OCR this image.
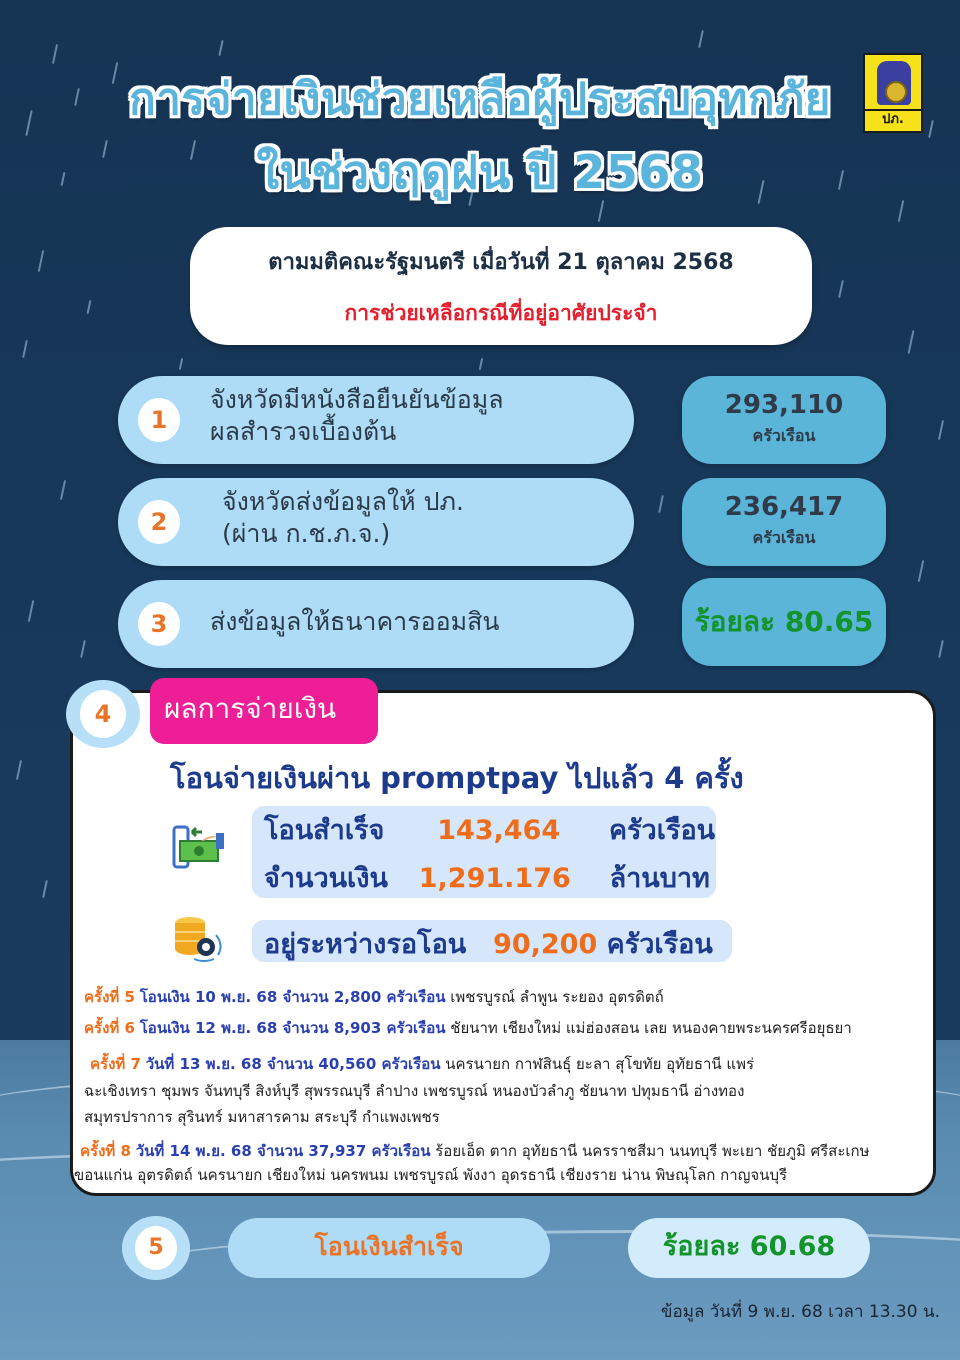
การจ่ายเงินช่วยเหลือผู้ประสบอุทกภัย
ในช่วงฤดูฝน ปี 2568
ปภ.
ตามมติคณะรัฐมนตรี เมื่อวันที่ 21 ตุลาคม 2568
การช่วยเหลือกรณีที่อยู่อาศัยประจำ
1
จังหวัดมีหนังสือยืนยันข้อมูล
ผลสำรวจเบื้องต้น
293,110
ครัวเรือน
2
จังหวัดส่งข้อมูลให้ ปภ.
(ผ่าน ก.ช.ภ.จ.)
236,417
ครัวเรือน
3	ส่งข้อมูลให้ธนาคารออมสิน	ร้อยละ 80.65
4	ผลการจ่ายเงิน
โอนจ่ายเงินผ่าน promptpay ไปแล้ว 4 ครั้ง
โอนสำเร็จ 143,464 ครัวเรือน
จำนวนเงิน 1,291.176 ล้านบาท
อยู่ระหว่างรอโอน 90,200 ครัวเรือน
ครั้งที่ 5 โอนเงิน 10 พ.ย. 68 จำนวน 2,800 ครัวเรือน เพชรบูรณ์ ลำพูน ระยอง อุตรดิตถ์
ครั้งที่ 6 โอนเงิน 12 พ.ย. 68 จำนวน 8,903 ครัวเรือน ชัยนาท เชียงใหม่ แม่ฮ่องสอน เลย หนองคายพระนครศรีอยุธยา
ครั้งที่ 7 วันที่ 13 พ.ย. 68 จำนวน 40,560 ครัวเรือน นครนายก กาฬสินธุ์ ยะลา สุโขทัย อุทัยธานี แพร่
ฉะเชิงเทรา ชุมพร จันทบุรี สิงห์บุรี สุพรรณบุรี ลำปาง เพชรบูรณ์ หนองบัวลำภู ชัยนาท ปทุมธานี อ่างทอง
สมุทรปราการ สุรินทร์ มหาสารคาม สระบุรี กำแพงเพชร
ครั้งที่ 8 วันที่ 14 พ.ย. 68 จำนวน 37,937 ครัวเรือน ร้อยเอ็ด ตาก อุทัยธานี นครราชสีมา นนทบุรี พะเยา ชัยภูมิ ศรีสะเกษ
ขอนแก่น อุตรดิตถ์ นครนายก เชียงใหม่ นครพนม เพชรบูรณ์ พังงา อุดรธานี เชียงราย น่าน พิษณุโลก กาญจนบุรี
5	โอนเงินสำเร็จ	ร้อยละ 60.68
ข้อมูล วันที่ 9 พ.ย. 68 เวลา 13.30 น.
